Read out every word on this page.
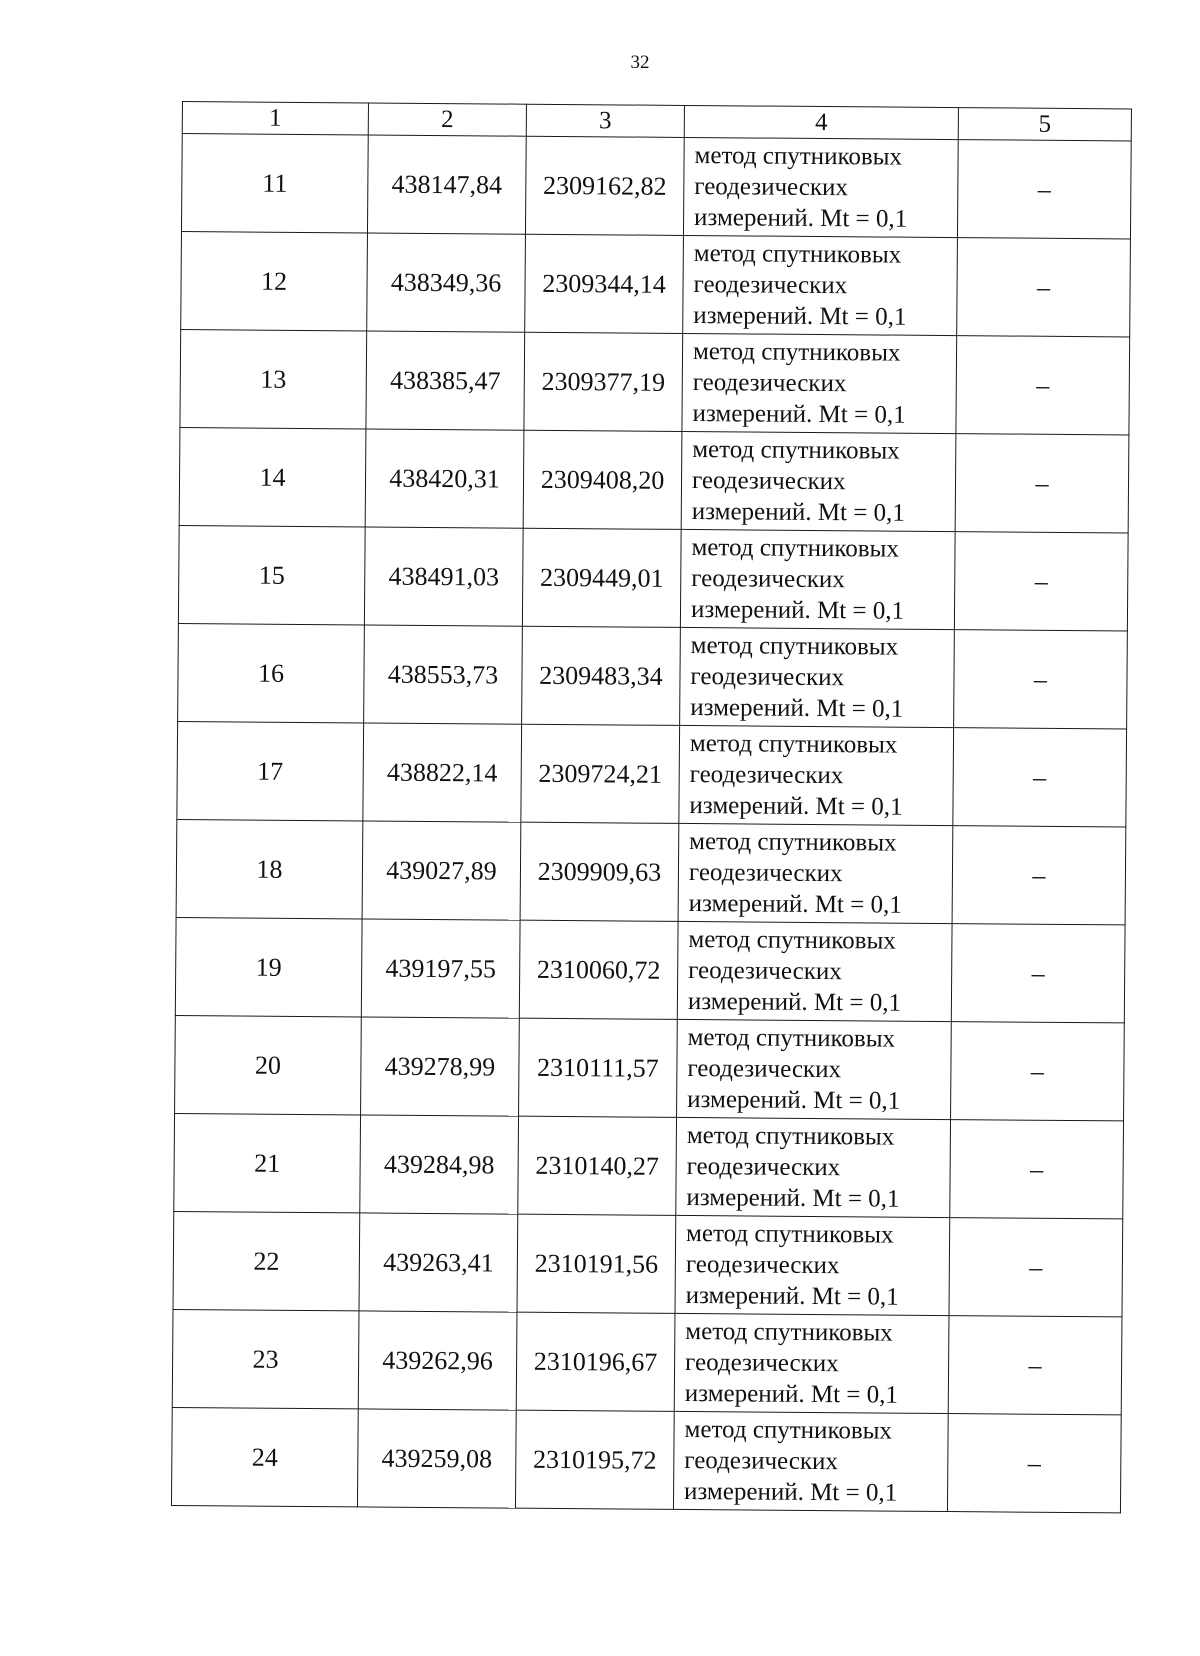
32
1	2	3	4	5
11	438147,84	2309162,82	метод спутниковых
геодезических
измерений. Mt = 0,1	–
12	438349,36	2309344,14	метод спутниковых
геодезических
измерений. Mt = 0,1	–
13	438385,47	2309377,19	метод спутниковых
геодезических
измерений. Mt = 0,1	–
14	438420,31	2309408,20	метод спутниковых
геодезических
измерений. Mt = 0,1	–
15	438491,03	2309449,01	метод спутниковых
геодезических
измерений. Mt = 0,1	–
16	438553,73	2309483,34	метод спутниковых
геодезических
измерений. Mt = 0,1	–
17	438822,14	2309724,21	метод спутниковых
геодезических
измерений. Mt = 0,1	–
18	439027,89	2309909,63	метод спутниковых
геодезических
измерений. Mt = 0,1	–
19	439197,55	2310060,72	метод спутниковых
геодезических
измерений. Mt = 0,1	–
20	439278,99	2310111,57	метод спутниковых
геодезических
измерений. Mt = 0,1	–
21	439284,98	2310140,27	метод спутниковых
геодезических
измерений. Mt = 0,1	–
22	439263,41	2310191,56	метод спутниковых
геодезических
измерений. Mt = 0,1	–
23	439262,96	2310196,67	метод спутниковых
геодезических
измерений. Mt = 0,1	–
24	439259,08	2310195,72	метод спутниковых
геодезических
измерений. Mt = 0,1	–
